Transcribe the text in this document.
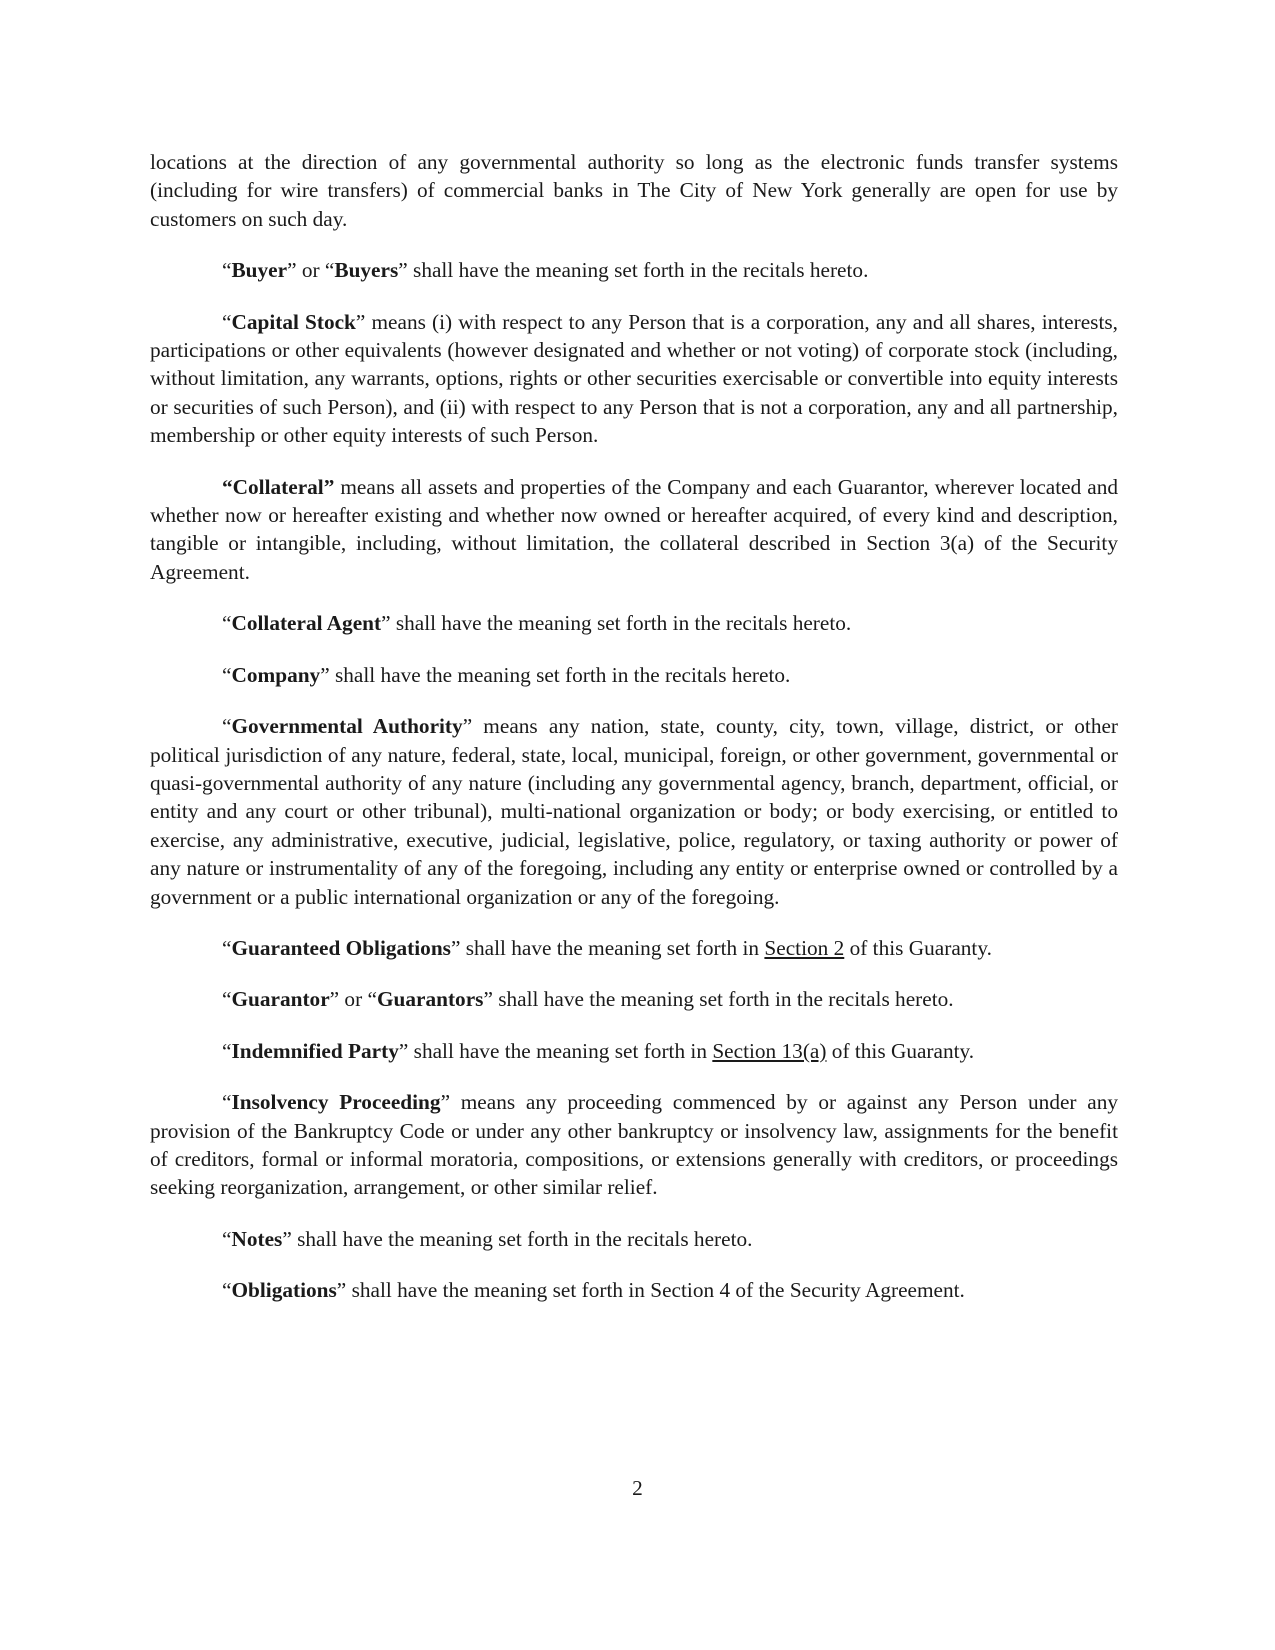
locations at the direction of any governmental authority so long as the electronic funds transfer systems (including for wire transfers) of commercial banks in The City of New York generally are open for use by customers on such day.

“Buyer” or “Buyers” shall have the meaning set forth in the recitals hereto.

“Capital Stock” means (i) with respect to any Person that is a corporation, any and all shares, interests, participations or other equivalents (however designated and whether or not voting) of corporate stock (including, without limitation, any warrants, options, rights or other securities exercisable or convertible into equity interests or securities of such Person), and (ii) with respect to any Person that is not a corporation, any and all partnership, membership or other equity interests of such Person.

“Collateral” means all assets and properties of the Company and each Guarantor, wherever located and whether now or hereafter existing and whether now owned or hereafter acquired, of every kind and description, tangible or intangible, including, without limitation, the collateral described in Section 3(a) of the Security Agreement.

“Collateral Agent” shall have the meaning set forth in the recitals hereto.

“Company” shall have the meaning set forth in the recitals hereto.

“Governmental Authority” means any nation, state, county, city, town, village, district, or other political jurisdiction of any nature, federal, state, local, municipal, foreign, or other government, governmental or quasi-governmental authority of any nature (including any governmental agency, branch, department, official, or entity and any court or other tribunal), multi-national organization or body; or body exercising, or entitled to exercise, any administrative, executive, judicial, legislative, police, regulatory, or taxing authority or power of any nature or instrumentality of any of the foregoing, including any entity or enterprise owned or controlled by a government or a public international organization or any of the foregoing.

“Guaranteed Obligations” shall have the meaning set forth in Section 2 of this Guaranty.

“Guarantor” or “Guarantors” shall have the meaning set forth in the recitals hereto.

“Indemnified Party” shall have the meaning set forth in Section 13(a) of this Guaranty.

“Insolvency Proceeding” means any proceeding commenced by or against any Person under any provision of the Bankruptcy Code or under any other bankruptcy or insolvency law, assignments for the benefit of creditors, formal or informal moratoria, compositions, or extensions generally with creditors, or proceedings seeking reorganization, arrangement, or other similar relief.

“Notes” shall have the meaning set forth in the recitals hereto.

“Obligations” shall have the meaning set forth in Section 4 of the Security Agreement.

2
